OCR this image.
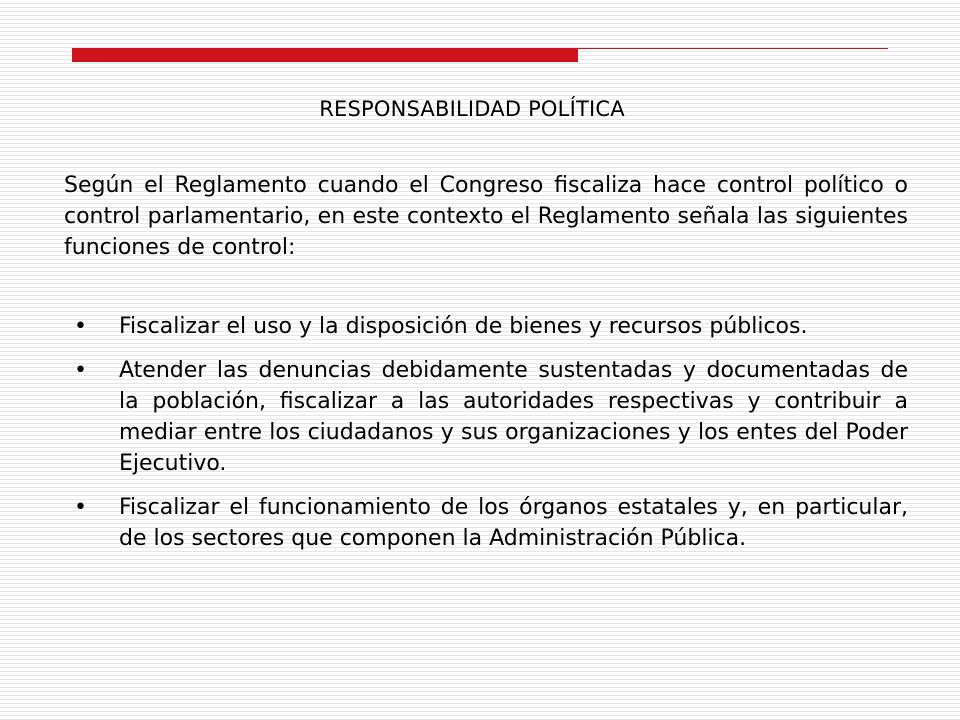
RESPONSABILIDAD POLÍTICA
Según el Reglamento cuando el Congreso fiscaliza hace control político o control parlamentario, en este contexto el Reglamento señala las siguientes funciones de control:
•	Fiscalizar el uso y la disposición de bienes y recursos públicos.
•	Atender las denuncias debidamente sustentadas y documentadas de la población, fiscalizar a las autoridades respectivas y contribuir a mediar entre los ciudadanos y sus organizaciones y los entes del Poder Ejecutivo.
•	Fiscalizar el funcionamiento de los órganos estatales y, en particular, de los sectores que componen la Administración Pública.
